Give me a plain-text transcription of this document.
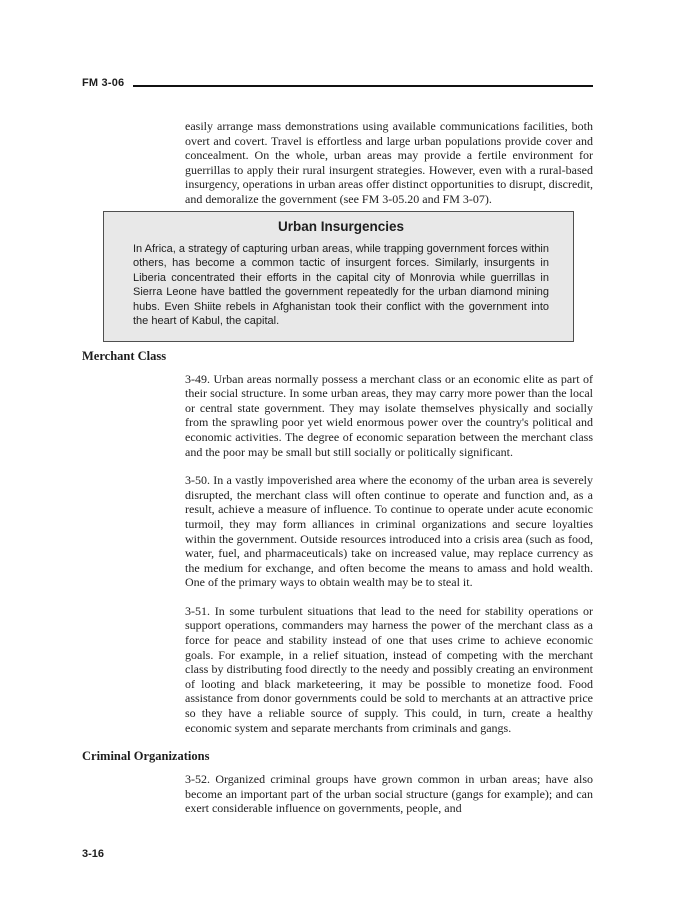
FM 3-06

easily arrange mass demonstrations using available communications facilities, both overt and covert. Travel is effortless and large urban populations provide cover and concealment. On the whole, urban areas may provide a fertile environment for guerrillas to apply their rural insurgent strategies. However, even with a rural-based insurgency, operations in urban areas offer distinct opportunities to disrupt, discredit, and demoralize the government (see FM 3-05.20 and FM 3-07).

Urban Insurgencies

In Africa, a strategy of capturing urban areas, while trapping government forces within others, has become a common tactic of insurgent forces. Similarly, insurgents in Liberia concentrated their efforts in the capital city of Monrovia while guerrillas in Sierra Leone have battled the government repeatedly for the urban diamond mining hubs. Even Shiite rebels in Afghanistan took their conflict with the government into the heart of Kabul, the capital.

Merchant Class

3-49. Urban areas normally possess a merchant class or an economic elite as part of their social structure. In some urban areas, they may carry more power than the local or central state government. They may isolate themselves physically and socially from the sprawling poor yet wield enormous power over the country's political and economic activities. The degree of economic separation between the merchant class and the poor may be small but still socially or politically significant.

3-50. In a vastly impoverished area where the economy of the urban area is severely disrupted, the merchant class will often continue to operate and function and, as a result, achieve a measure of influence. To continue to operate under acute economic turmoil, they may form alliances in criminal organizations and secure loyalties within the government. Outside resources introduced into a crisis area (such as food, water, fuel, and pharmaceuticals) take on increased value, may replace currency as the medium for exchange, and often become the means to amass and hold wealth. One of the primary ways to obtain wealth may be to steal it.

3-51. In some turbulent situations that lead to the need for stability operations or support operations, commanders may harness the power of the merchant class as a force for peace and stability instead of one that uses crime to achieve economic goals. For example, in a relief situation, instead of competing with the merchant class by distributing food directly to the needy and possibly creating an environment of looting and black marketeering, it may be possible to monetize food. Food assistance from donor governments could be sold to merchants at an attractive price so they have a reliable source of supply. This could, in turn, create a healthy economic system and separate merchants from criminals and gangs.

Criminal Organizations

3-52. Organized criminal groups have grown common in urban areas; have also become an important part of the urban social structure (gangs for example); and can exert considerable influence on governments, people, and

3-16
